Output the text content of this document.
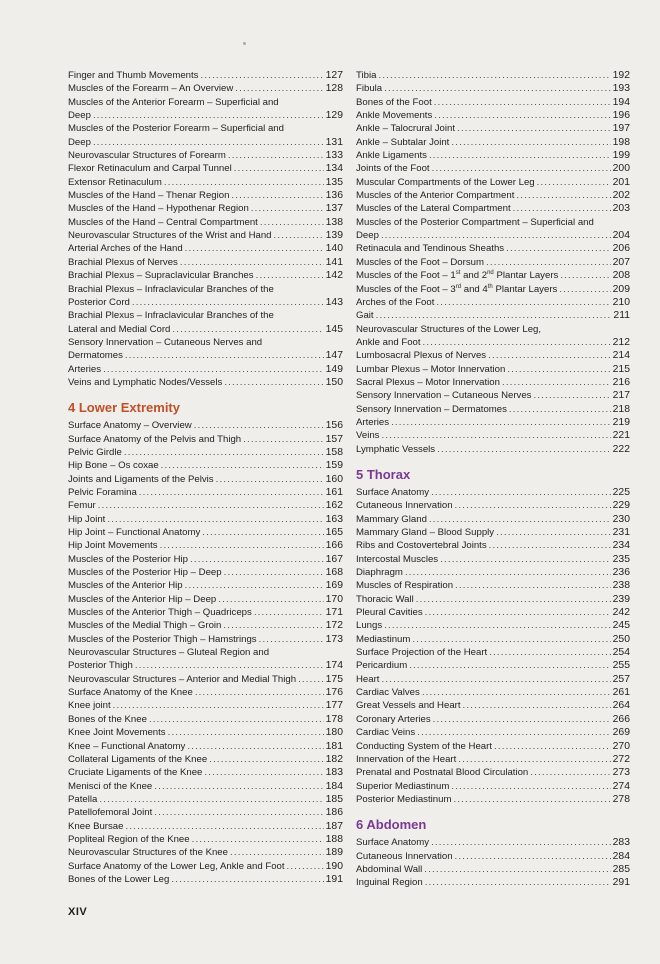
Finger and Thumb Movements .....	127
Muscles of the Forearm – An Overview .....	128
Muscles of the Anterior Forearm – Superficial and
Deep .....	129
Muscles of the Posterior Forearm – Superficial and
Deep .....	131
Neurovascular Structures of Forearm .....	133
Flexor Retinaculum and Carpal Tunnel .....	134
Extensor Retinaculum .....	135
Muscles of the Hand – Thenar Region .....	136
Muscles of the Hand – Hypothenar Region .....	137
Muscles of the Hand – Central Compartment .....	138
Neurovascular Structures of the Wrist and Hand .....	139
Arterial Arches of the Hand .....	140
Brachial Plexus of Nerves .....	141
Brachial Plexus – Supraclavicular Branches .....	142
Brachial Plexus – Infraclavicular Branches of the
Posterior Cord .....	143
Brachial Plexus – Infraclavicular Branches of the
Lateral and Medial Cord .....	145
Sensory Innervation – Cutaneous Nerves and
Dermatomes .....	147
Arteries .....	149
Veins and Lymphatic Nodes/Vessels .....	150
4 Lower Extremity
Surface Anatomy – Overview .....	156
Surface Anatomy of the Pelvis and Thigh .....	157
Pelvic Girdle .....	158
Hip Bone – Os coxae .....	159
Joints and Ligaments of the Pelvis .....	160
Pelvic Foramina .....	161
Femur .....	162
Hip Joint .....	163
Hip Joint – Functional Anatomy .....	165
Hip Joint Movements .....	166
Muscles of the Posterior Hip .....	167
Muscles of the Posterior Hip – Deep .....	168
Muscles of the Anterior Hip .....	169
Muscles of the Anterior Hip – Deep .....	170
Muscles of the Anterior Thigh – Quadriceps .....	171
Muscles of the Medial Thigh – Groin .....	172
Muscles of the Posterior Thigh – Hamstrings .....	173
Neurovascular Structures – Gluteal Region and
Posterior Thigh .....	174
Neurovascular Structures – Anterior and Medial Thigh .....	175
Surface Anatomy of the Knee .....	176
Knee joint .....	177
Bones of the Knee .....	178
Knee Joint Movements .....	180
Knee – Functional Anatomy .....	181
Collateral Ligaments of the Knee .....	182
Cruciate Ligaments of the Knee .....	183
Menisci of the Knee .....	184
Patella .....	185
Patellofemoral Joint .....	186
Knee Bursae .....	187
Popliteal Region of the Knee .....	188
Neurovascular Structures of the Knee .....	189
Surface Anatomy of the Lower Leg, Ankle and Foot .....	190
Bones of the Lower Leg .....	191
Tibia .....	192
Fibula .....	193
Bones of the Foot .....	194
Ankle Movements .....	196
Ankle – Talocrural Joint .....	197
Ankle – Subtalar Joint .....	198
Ankle Ligaments .....	199
Joints of the Foot .....	200
Muscular Compartments of the Lower Leg .....	201
Muscles of the Anterior Compartment .....	202
Muscles of the Lateral Compartment .....	203
Muscles of the Posterior Compartment – Superficial and
Deep .....	204
Retinacula and Tendinous Sheaths .....	206
Muscles of the Foot – Dorsum .....	207
Muscles of the Foot – 1st and 2nd Plantar Layers .....	208
Muscles of the Foot – 3rd and 4th Plantar Layers .....	209
Arches of the Foot .....	210
Gait .....	211
Neurovascular Structures of the Lower Leg,
Ankle and Foot .....	212
Lumbosacral Plexus of Nerves .....	214
Lumbar Plexus – Motor Innervation .....	215
Sacral Plexus – Motor Innervation .....	216
Sensory Innervation – Cutaneous Nerves .....	217
Sensory Innervation – Dermatomes .....	218
Arteries .....	219
Veins .....	221
Lymphatic Vessels .....	222
5 Thorax
Surface Anatomy .....	225
Cutaneous Innervation .....	229
Mammary Gland .....	230
Mammary Gland – Blood Supply .....	231
Ribs and Costovertebral Joints .....	234
Intercostal Muscles .....	235
Diaphragm .....	236
Muscles of Respiration .....	238
Thoracic Wall .....	239
Pleural Cavities .....	242
Lungs .....	245
Mediastinum .....	250
Surface Projection of the Heart .....	254
Pericardium .....	255
Heart .....	257
Cardiac Valves .....	261
Great Vessels and Heart .....	264
Coronary Arteries .....	266
Cardiac Veins .....	269
Conducting System of the Heart .....	270
Innervation of the Heart .....	272
Prenatal and Postnatal Blood Circulation .....	273
Superior Mediastinum .....	274
Posterior Mediastinum .....	278
6 Abdomen
Surface Anatomy .....	283
Cutaneous Innervation .....	284
Abdominal Wall .....	285
Inguinal Region .....	291
XIV
